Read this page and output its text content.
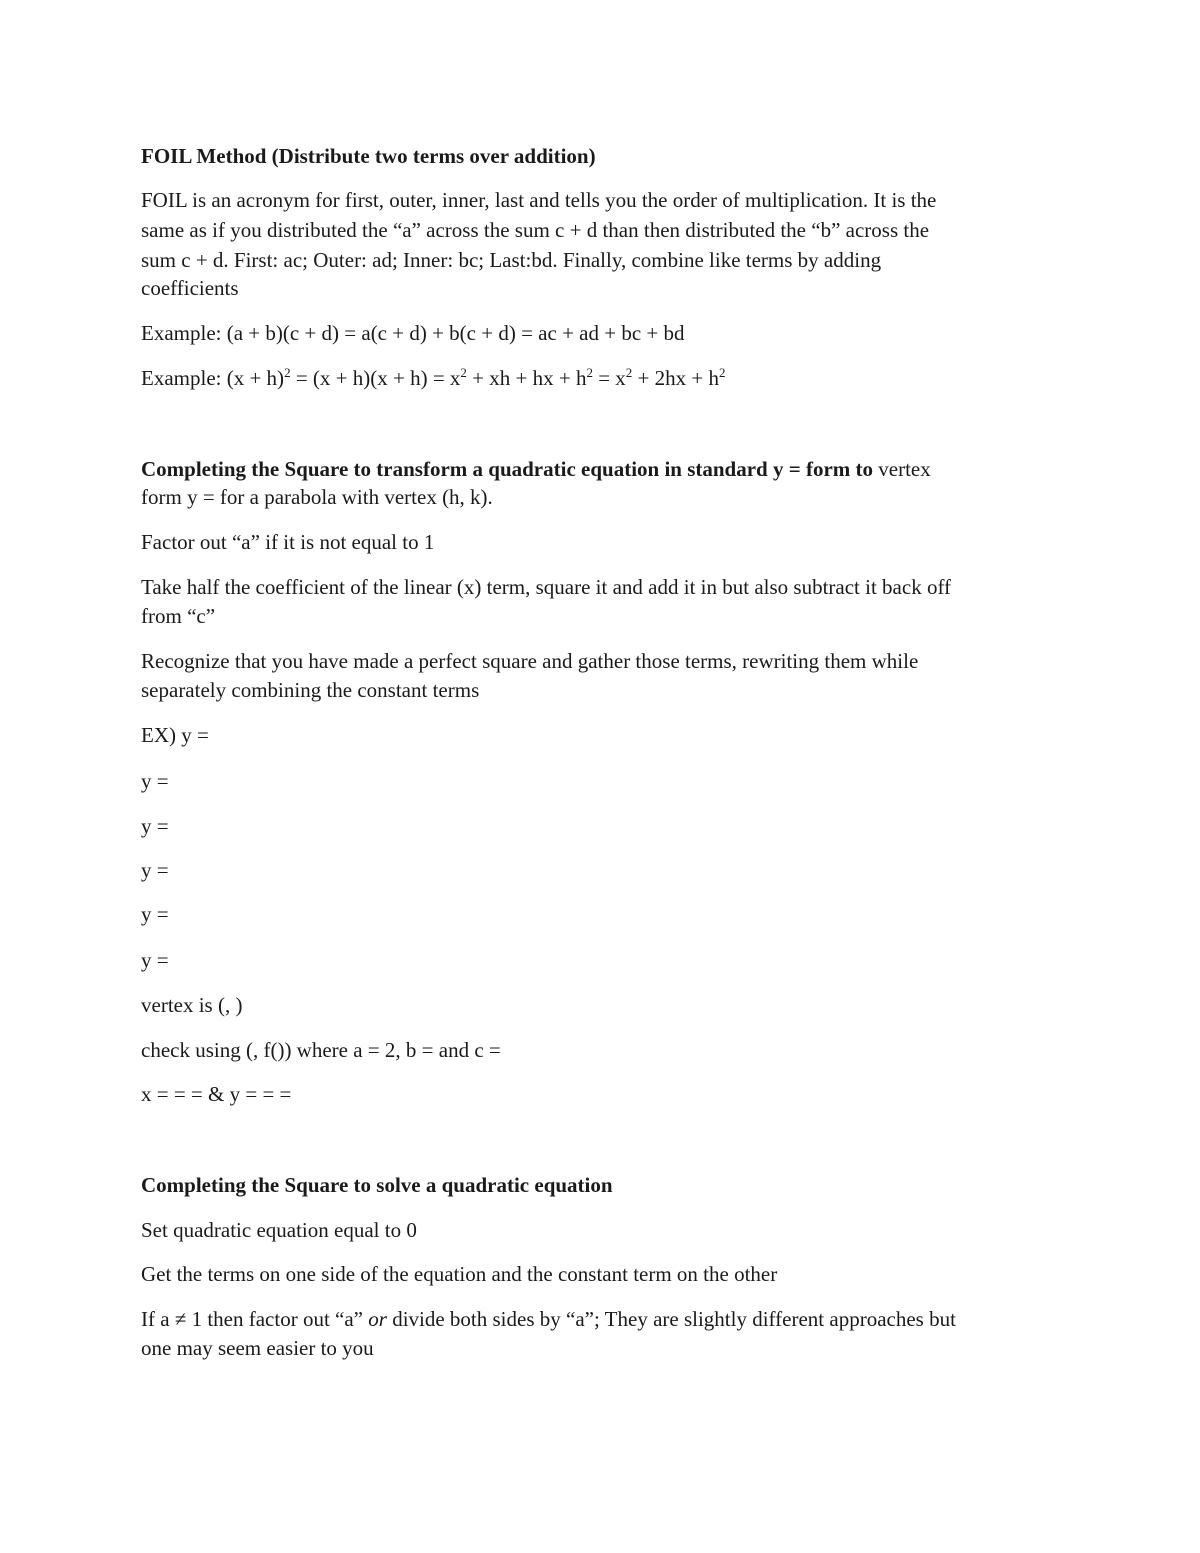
FOIL Method (Distribute two terms over addition)
FOIL is an acronym for first, outer, inner, last and tells you the order of multiplication. It is the
same as if you distributed the “a” across the sum c + d than then distributed the “b” across the
sum c + d. First: ac; Outer: ad; Inner: bc; Last:bd. Finally, combine like terms by adding
coefficients
Example: (a + b)(c + d) = a(c + d) + b(c + d) = ac + ad + bc + bd
Example: $(x + h)^2 = (x + h)(x + h) = x^2$ + xh + hx + $h^2 = x^2 + 2hx + h^2$
Completing the Square to transform a quadratic equation in standard y = form to vertex
form y = for a parabola with vertex (h, k).
Factor out “a” if it is not equal to 1
Take half the coefficient of the linear (x) term, square it and add it in but also subtract it back off
from “c”
Recognize that you have made a perfect square and gather those terms, rewriting them while
separately combining the constant terms
EX) y =
y =
y =
y =
y =
y =
vertex is (, )
check using (, f()) where a = 2, b = and c =
x = = = & y = = =
Completing the Square to solve a quadratic equation
Set quadratic equation equal to 0
Get the terms on one side of the equation and the constant term on the other
If a ≠ 1 then factor out “a” or divide both sides by “a”; They are slightly different approaches but
one may seem easier to you
